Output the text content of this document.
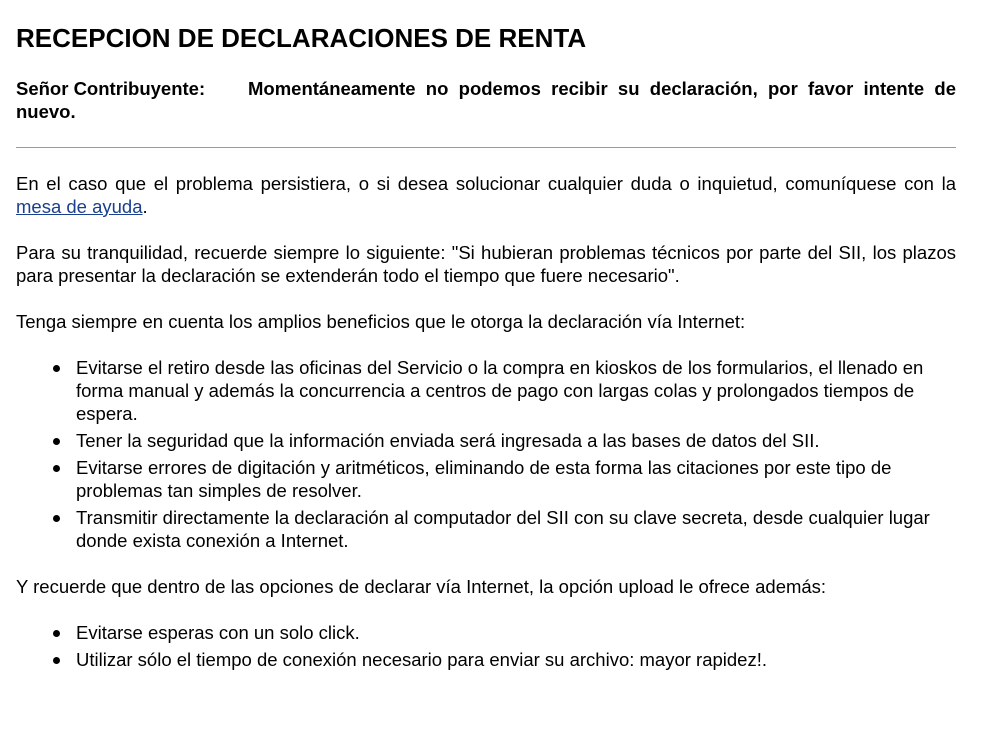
RECEPCION DE DECLARACIONES DE RENTA
Señor Contribuyente: Momentáneamente no podemos recibir su declaración, por favor intente de nuevo.

En el caso que el problema persistiera, o si desea solucionar cualquier duda o inquietud, comuníquese con la mesa de ayuda.

Para su tranquilidad, recuerde siempre lo siguiente: "Si hubieran problemas técnicos por parte del SII, los plazos para presentar la declaración se extenderán todo el tiempo que fuere necesario".

Tenga siempre en cuenta los amplios beneficios que le otorga la declaración vía Internet:

Evitarse el retiro desde las oficinas del Servicio o la compra en kioskos de los formularios, el llenado en forma manual y además la concurrencia a centros de pago con largas colas y prolongados tiempos de espera.
Tener la seguridad que la información enviada será ingresada a las bases de datos del SII.
Evitarse errores de digitación y aritméticos, eliminando de esta forma las citaciones por este tipo de problemas tan simples de resolver.
Transmitir directamente la declaración al computador del SII con su clave secreta, desde cualquier lugar donde exista conexión a Internet.

Y recuerde que dentro de las opciones de declarar vía Internet, la opción upload le ofrece además:

Evitarse esperas con un solo click.
Utilizar sólo el tiempo de conexión necesario para enviar su archivo: mayor rapidez!.
